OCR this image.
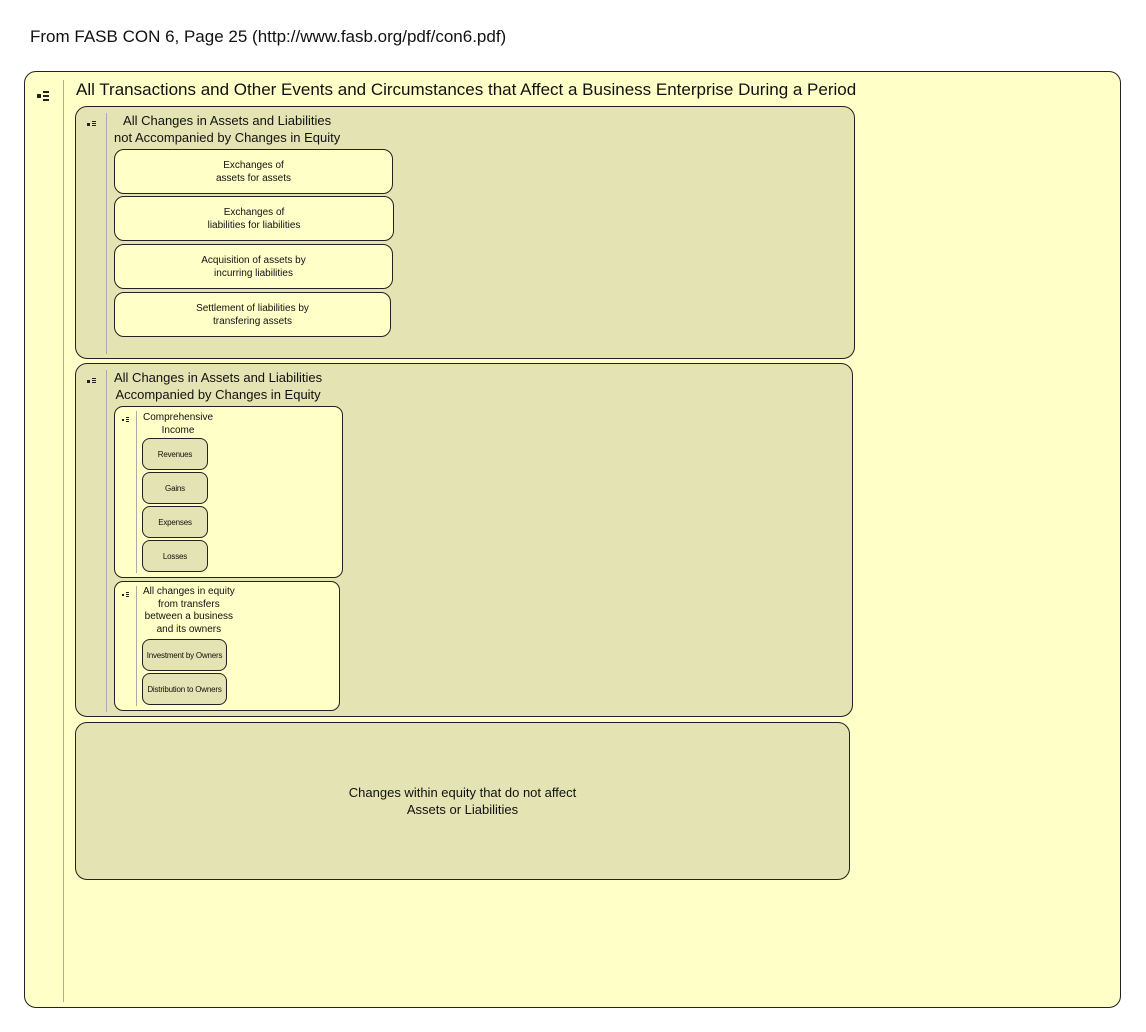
From FASB CON 6, Page 25 (http://www.fasb.org/pdf/con6.pdf)
All Transactions and Other Events and Circumstances that Affect a Business Enterprise During a Period
All Changes in Assets and Liabilities
not Accompanied by Changes in Equity
Exchanges of
assets for assets
Exchanges of
liabilities for liabilities
Acquisition of assets by
incurring liabilities
Settlement of liabilities by
transfering assets
All Changes in Assets and Liabilities
Accompanied by Changes in Equity
Comprehensive
Income
Revenues
Gains
Expenses
Losses
All changes in equity
from transfers
between a business
and its owners
Investment by Owners
Distribution to Owners
Changes within equity that do not affect
Assets or Liabilities
